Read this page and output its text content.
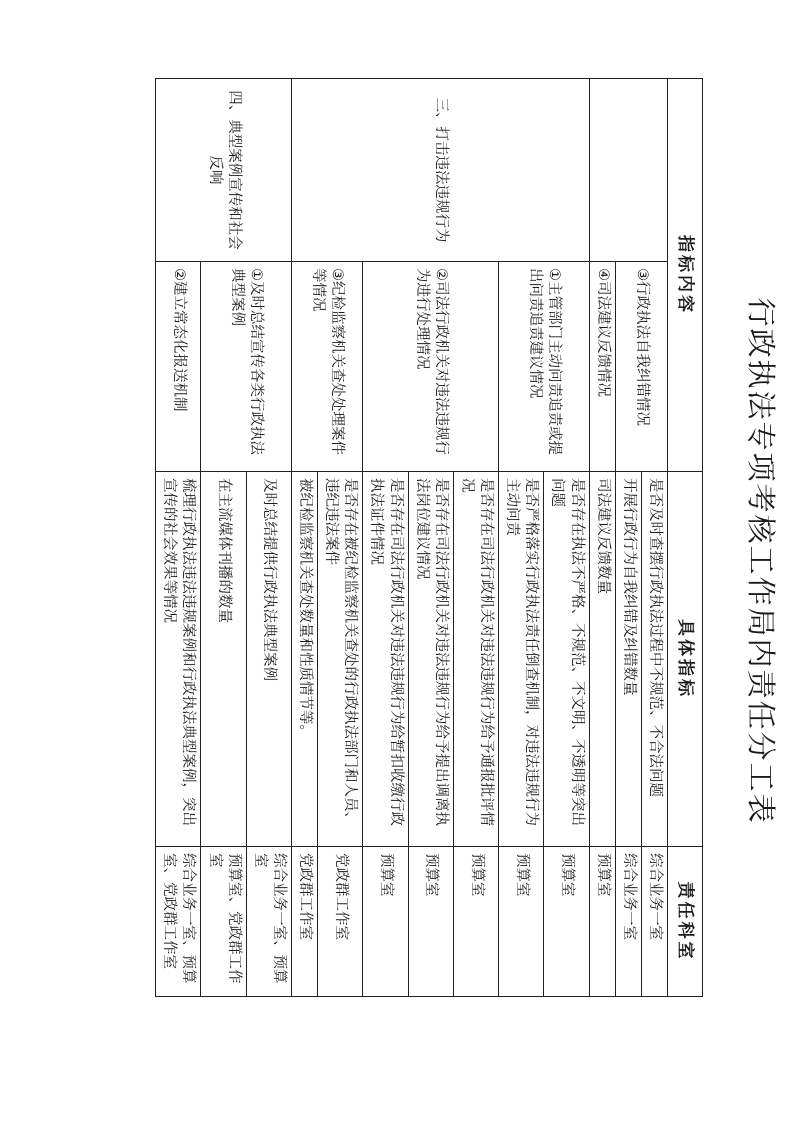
行政执法专项考核工作局内责任分工表
指标内容		具体指标	责任科室
	③行政执法自我纠错情况	是否及时查摆行政执法过程中不规范、不合法问题	综合业务一室
		开展行政行为自我纠错及纠错数量	综合业务一室
	④司法建议反馈情况	司法建议反馈数量	预算室
三、打击违法违规行为	①主管部门主动问责追责或提出问责追责建议情况	是否存在执法不严格、不规范、不文明、不透明等突出问题	预算室
		是否严格落实行政执法责任倒查机制，对违法违规行为主动问责	预算室
	②司法行政机关对违法违规行为进行处理情况	是否存在司法行政机关对违法违规行为给予通报批评情况	预算室
		是否存在司法行政机关对违法违规行为给予提出调离执法岗位建议情况	预算室
		是否存在司法行政机关对违法违规行为给暂扣收缴行政执法证件情况	预算室
	③纪检监察机关查处处理案件等情况	是否存在被纪检监察机关查处的行政执法部门和人员、违纪违法案件	党政群工作室
		被纪检监察机关查处数量和性质情节等。	党政群工作室
四、典型案例宣传和社会反响	①及时总结宣传各类行政执法典型案例	及时总结提供行政执法典型案例	综合业务一室、预算室
		在主流媒体刊播的数量	预算室、党政群工作室
	②建立常态化报送机制	梳理行政执法违法违规案例和行政执法典型案例，突出宣传的社会效果等情况	综合业务一室、预算室、党政群工作室
